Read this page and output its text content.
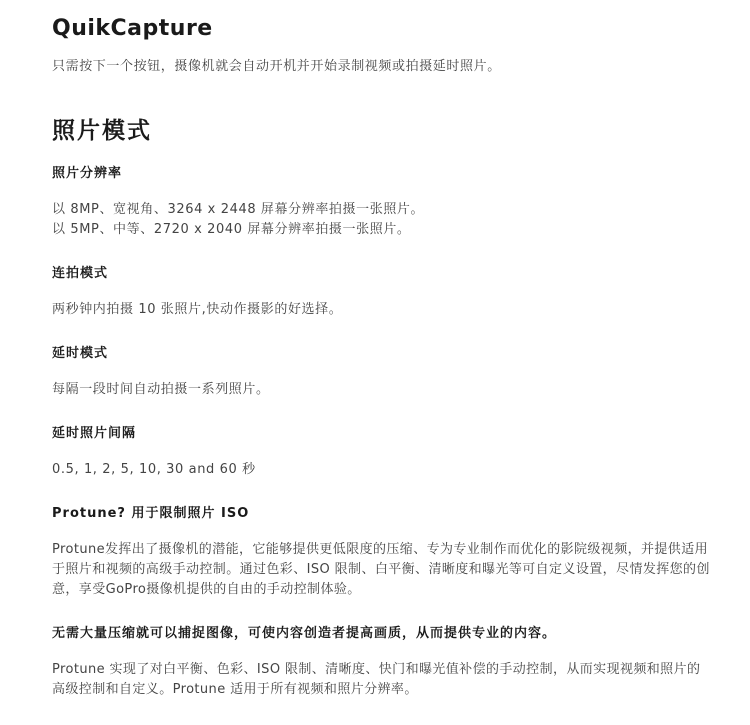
QuikCapture
只需按下一个按钮，摄像机就会自动开机并开始录制视频或拍摄延时照片。
照片模式
照片分辨率
以 8MP、宽视角、3264 x 2448 屏幕分辨率拍摄一张照片。
以 5MP、中等、2720 x 2040 屏幕分辨率拍摄一张照片。
连拍模式
两秒钟内拍摄 10 张照片,快动作摄影的好选择。
延时模式
每隔一段时间自动拍摄一系列照片。
延时照片间隔
0.5, 1, 2, 5, 10, 30 and 60 秒
Protune? 用于限制照片 ISO
Protune发挥出了摄像机的潜能，它能够提供更低限度的压缩、专为专业制作而优化的影院级视频，并提供适用于照片和视频的高级手动控制。通过色彩、ISO 限制、白平衡、清晰度和曝光等可自定义设置，尽情发挥您的创意，享受GoPro摄像机提供的自由的手动控制体验。
无需大量压缩就可以捕捉图像，可使内容创造者提高画质，从而提供专业的内容。
Protune 实现了对白平衡、色彩、ISO 限制、清晰度、快门和曝光值补偿的手动控制，从而实现视频和照片的高级控制和自定义。Protune 适用于所有视频和照片分辨率。
